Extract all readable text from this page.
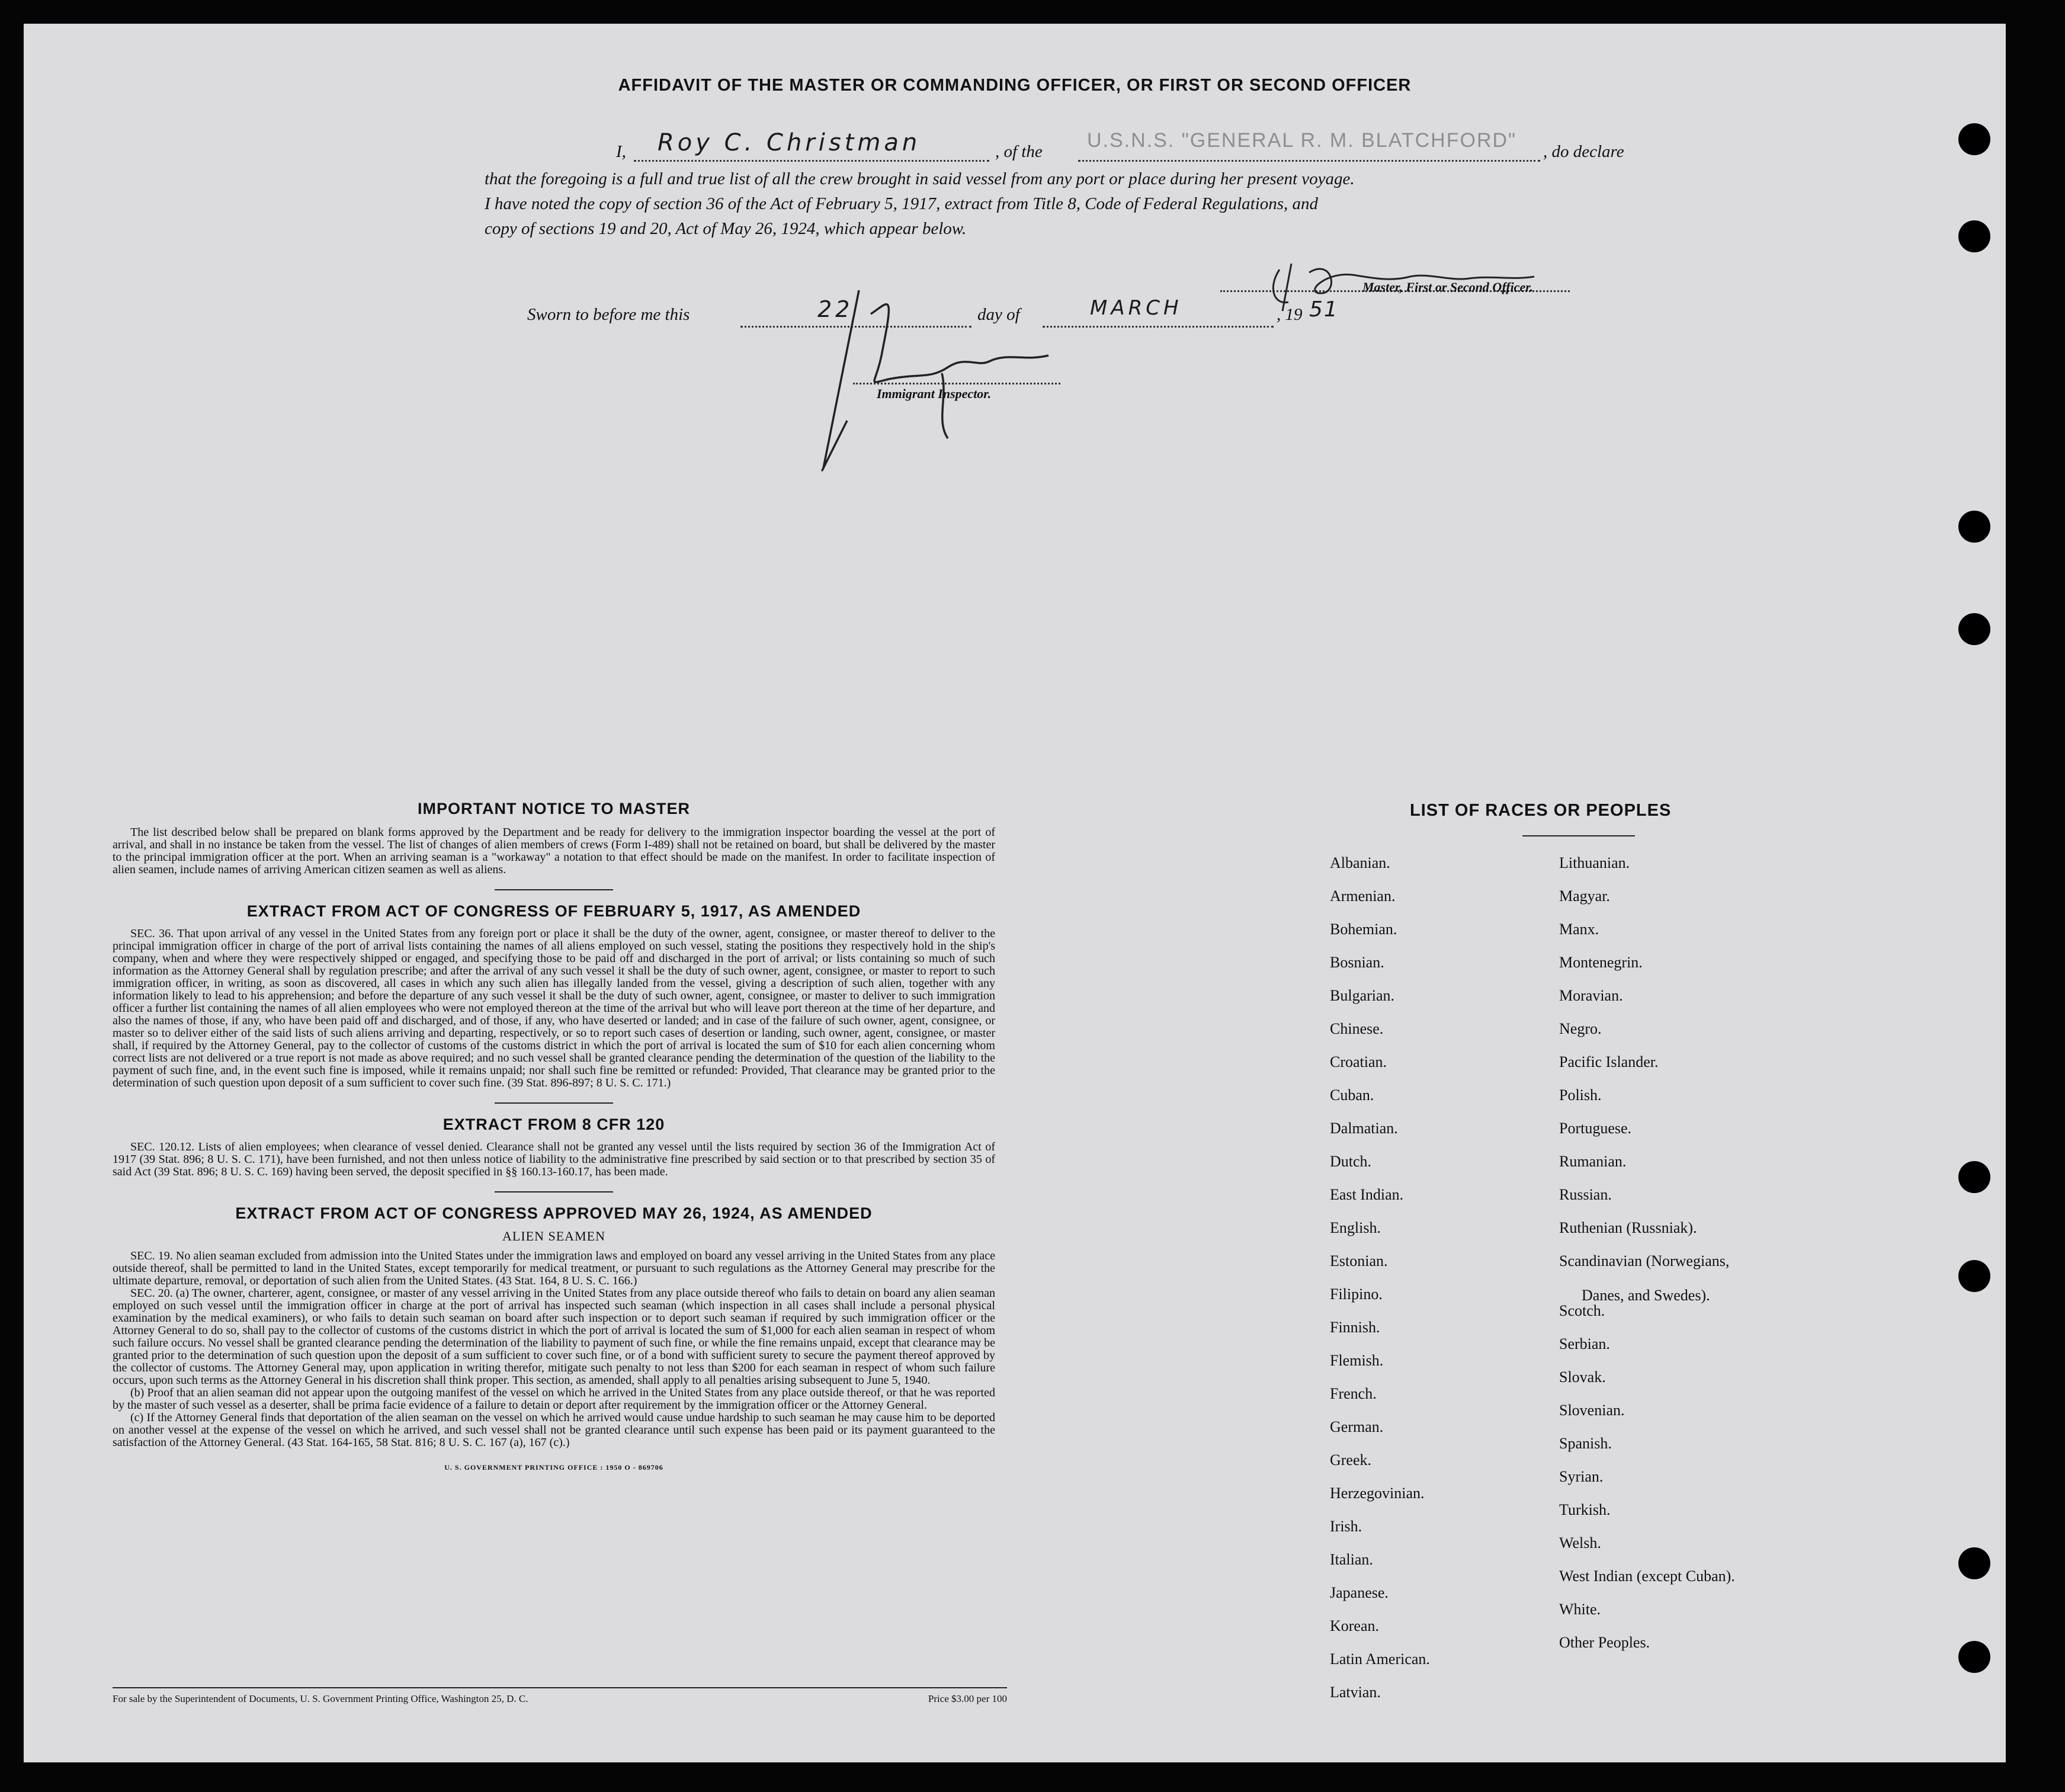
AFFIDAVIT OF THE MASTER OR COMMANDING OFFICER, OR FIRST OR SECOND OFFICER
I, Roy C. Christman	, of the U.S.N.S. "GENERAL R. M. BLATCHFORD" , do declare
that the foregoing is a full and true list of all the crew brought in said vessel from any port or place during her present voyage.
I have noted the copy of section 36 of the Act of February 5, 1917, extract from Title 8, Code of Federal Regulations, and
copy of sections 19 and 20, Act of May 26, 1924, which appear below.
Master, First or Second Officer.
Sworn to before me this	22	day of	MARCH	, 19 51
Immigrant Inspector.
IMPORTANT NOTICE TO MASTER

The list described below shall be prepared on blank forms approved by the Department and be ready for delivery to the immigration inspector boarding the vessel at the port of arrival, and shall in no instance be taken from the vessel. The list of changes of alien members of crews (Form I-489) shall not be retained on board, but shall be delivered by the master to the principal immigration officer at the port. When an arriving seaman is a "workaway" a notation to that effect should be made on the manifest. In order to facilitate inspection of alien seamen, include names of arriving American citizen seamen as well as aliens.

EXTRACT FROM ACT OF CONGRESS OF FEBRUARY 5, 1917, AS AMENDED

SEC. 36. That upon arrival of any vessel in the United States from any foreign port or place it shall be the duty of the owner, agent, consignee, or master thereof to deliver to the principal immigration officer in charge of the port of arrival lists containing the names of all aliens employed on such vessel, stating the positions they respectively hold in the ship's company, when and where they were respectively shipped or engaged, and specifying those to be paid off and discharged in the port of arrival; or lists containing so much of such information as the Attorney General shall by regulation prescribe; and after the arrival of any such vessel it shall be the duty of such owner, agent, consignee, or master to report to such immigration officer, in writing, as soon as discovered, all cases in which any such alien has illegally landed from the vessel, giving a description of such alien, together with any information likely to lead to his apprehension; and before the departure of any such vessel it shall be the duty of such owner, agent, consignee, or master to deliver to such immigration officer a further list containing the names of all alien employees who were not employed thereon at the time of the arrival but who will leave port thereon at the time of her departure, and also the names of those, if any, who have been paid off and discharged, and of those, if any, who have deserted or landed; and in case of the failure of such owner, agent, consignee, or master so to deliver either of the said lists of such aliens arriving and departing, respectively, or so to report such cases of desertion or landing, such owner, agent, consignee, or master shall, if required by the Attorney General, pay to the collector of customs of the customs district in which the port of arrival is located the sum of $10 for each alien concerning whom correct lists are not delivered or a true report is not made as above required; and no such vessel shall be granted clearance pending the determination of the question of the liability to the payment of such fine, and, in the event such fine is imposed, while it remains unpaid; nor shall such fine be remitted or refunded: Provided, That clearance may be granted prior to the determination of such question upon deposit of a sum sufficient to cover such fine. (39 Stat. 896-897; 8 U. S. C. 171.)

EXTRACT FROM 8 CFR 120

SEC. 120.12. Lists of alien employees; when clearance of vessel denied. Clearance shall not be granted any vessel until the lists required by section 36 of the Immigration Act of 1917 (39 Stat. 896; 8 U. S. C. 171), have been furnished, and not then unless notice of liability to the administrative fine prescribed by said section or to that prescribed by section 35 of said Act (39 Stat. 896; 8 U. S. C. 169) having been served, the deposit specified in §§ 160.13-160.17, has been made.

EXTRACT FROM ACT OF CONGRESS APPROVED MAY 26, 1924, AS AMENDED
ALIEN SEAMEN

SEC. 19. No alien seaman excluded from admission into the United States under the immigration laws and employed on board any vessel arriving in the United States from any place outside thereof, shall be permitted to land in the United States, except temporarily for medical treatment, or pursuant to such regulations as the Attorney General may prescribe for the ultimate departure, removal, or deportation of such alien from the United States. (43 Stat. 164, 8 U. S. C. 166.)

SEC. 20. (a) The owner, charterer, agent, consignee, or master of any vessel arriving in the United States from any place outside thereof who fails to detain on board any alien seaman employed on such vessel until the immigration officer in charge at the port of arrival has inspected such seaman (which inspection in all cases shall include a personal physical examination by the medical examiners), or who fails to detain such seaman on board after such inspection or to deport such seaman if required by such immigration officer or the Attorney General to do so, shall pay to the collector of customs of the customs district in which the port of arrival is located the sum of $1,000 for each alien seaman in respect of whom such failure occurs. No vessel shall be granted clearance pending the determination of the liability to payment of such fine, or while the fine remains unpaid, except that clearance may be granted prior to the determination of such question upon the deposit of a sum sufficient to cover such fine, or of a bond with sufficient surety to secure the payment thereof approved by the collector of customs. The Attorney General may, upon application in writing therefor, mitigate such penalty to not less than $200 for each seaman in respect of whom such failure occurs, upon such terms as the Attorney General in his discretion shall think proper. This section, as amended, shall apply to all penalties arising subsequent to June 5, 1940.

(b) Proof that an alien seaman did not appear upon the outgoing manifest of the vessel on which he arrived in the United States from any place outside thereof, or that he was reported by the master of such vessel as a deserter, shall be prima facie evidence of a failure to detain or deport after requirement by the immigration officer or the Attorney General.

(c) If the Attorney General finds that deportation of the alien seaman on the vessel on which he arrived would cause undue hardship to such seaman he may cause him to be deported on another vessel at the expense of the vessel on which he arrived, and such vessel shall not be granted clearance until such expense has been paid or its payment guaranteed to the satisfaction of the Attorney General. (43 Stat. 164-165, 58 Stat. 816; 8 U. S. C. 167 (a), 167 (c).)

U. S. GOVERNMENT PRINTING OFFICE : 1950 O - 869706
For sale by the Superintendent of Documents, U. S. Government Printing Office, Washington 25, D. C.	Price $3.00 per 100
LIST OF RACES OR PEOPLES
Albanian.
Armenian.
Bohemian.
Bosnian.
Bulgarian.
Chinese.
Croatian.
Cuban.
Dalmatian.
Dutch.
East Indian.
English.
Estonian.
Filipino.
Finnish.
Flemish.
French.
German.
Greek.
Herzegovinian.
Irish.
Italian.
Japanese.
Korean.
Latin American.
Latvian.
Lithuanian.
Magyar.
Manx.
Montenegrin.
Moravian.
Negro.
Pacific Islander.
Polish.
Portuguese.
Rumanian.
Russian.
Ruthenian (Russniak).
Scandinavian (Norwegians,
Danes, and Swedes).
Scotch.
Serbian.
Slovak.
Slovenian.
Spanish.
Syrian.
Turkish.
Welsh.
West Indian (except Cuban).
White.
Other Peoples.
